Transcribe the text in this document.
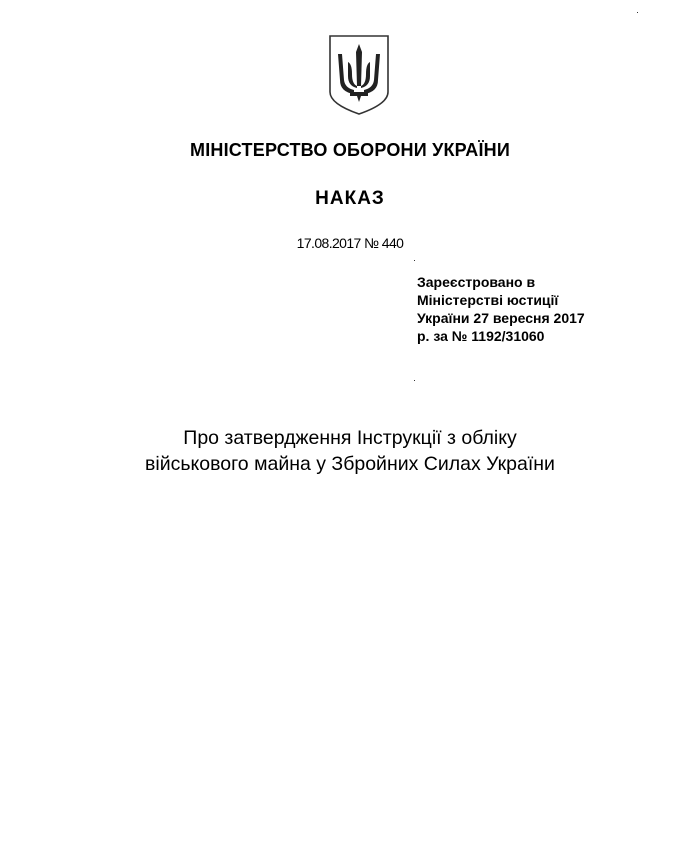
МІНІСТЕРСТВО ОБОРОНИ УКРАЇНИ
НАКАЗ
17.08.2017 № 440
Зареєстровано в
Міністерстві юстиції
України 27 вересня 2017
р. за № 1192/31060
Про затвердження Інструкції з обліку
військового майна у Збройних Силах України
